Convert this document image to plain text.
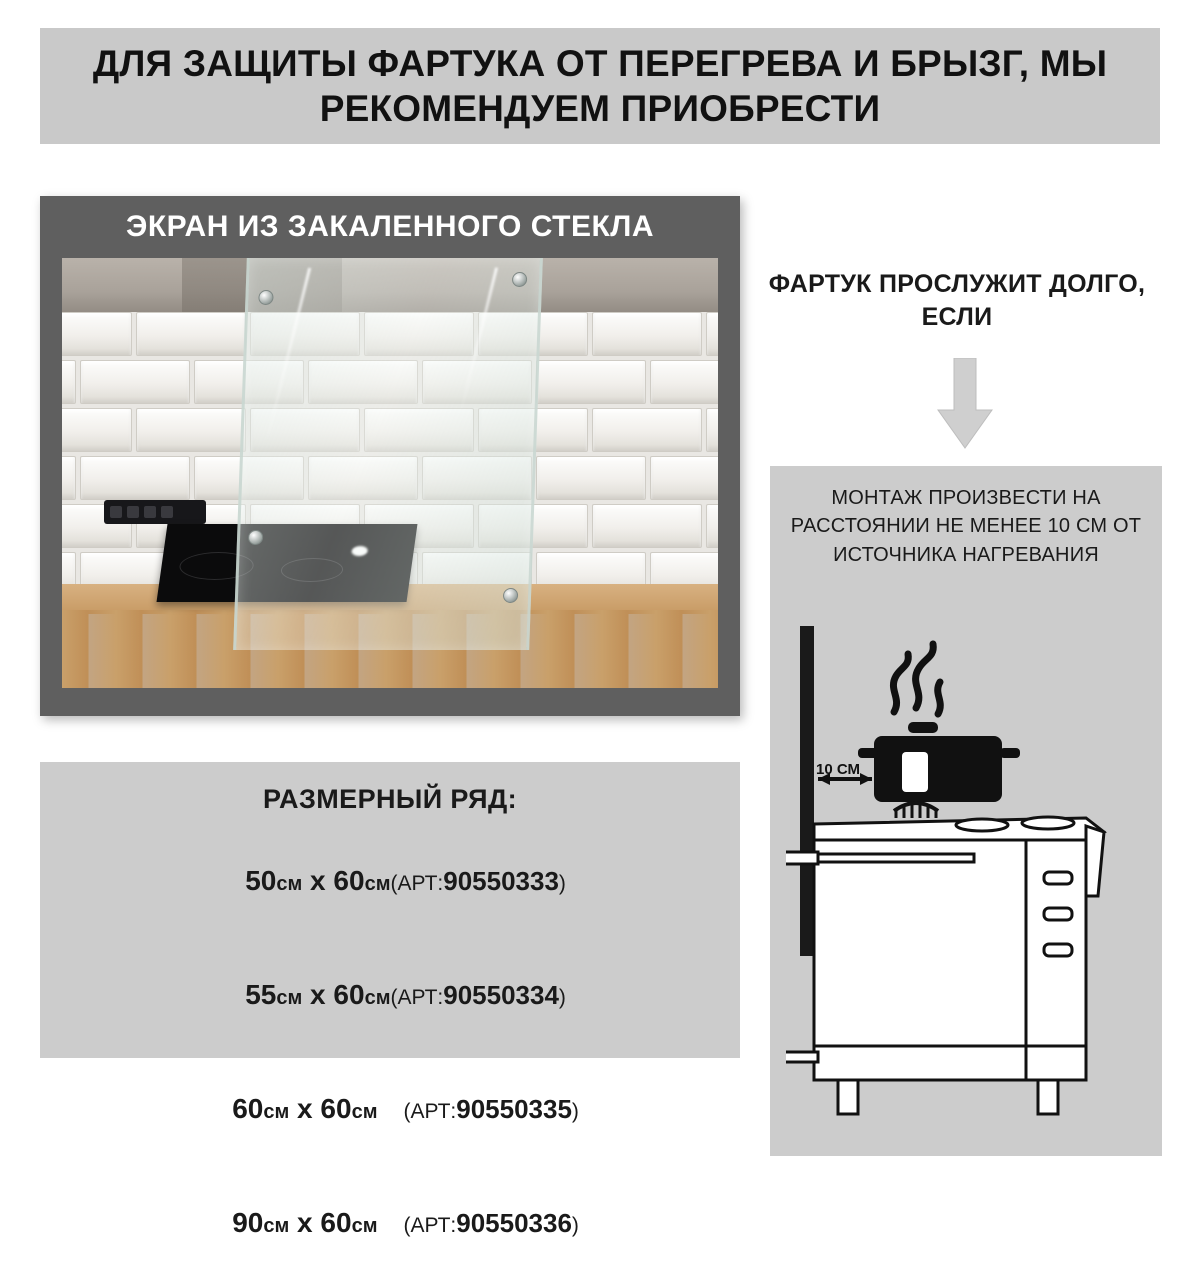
ДЛЯ ЗАЩИТЫ ФАРТУКА ОТ ПЕРЕГРЕВА И БРЫЗГ, МЫ РЕКОМЕНДУЕМ ПРИОБРЕСТИ
ЭКРАН ИЗ ЗАКАЛЕННОГО СТЕКЛА
ФАРТУК ПРОСЛУЖИТ ДОЛГО, ЕСЛИ
МОНТАЖ ПРОИЗВЕСТИ НА РАССТОЯНИИ НЕ МЕНЕЕ 10 СМ ОТ ИСТОЧНИКА НАГРЕВАНИЯ
10 СМ
РАЗМЕРНЫЙ РЯД:

50см x 60см(АРТ:90550333)

55см x 60см(АРТ:90550334)

60см x 60см (АРТ:90550335)

90см x 60см (АРТ:90550336)
